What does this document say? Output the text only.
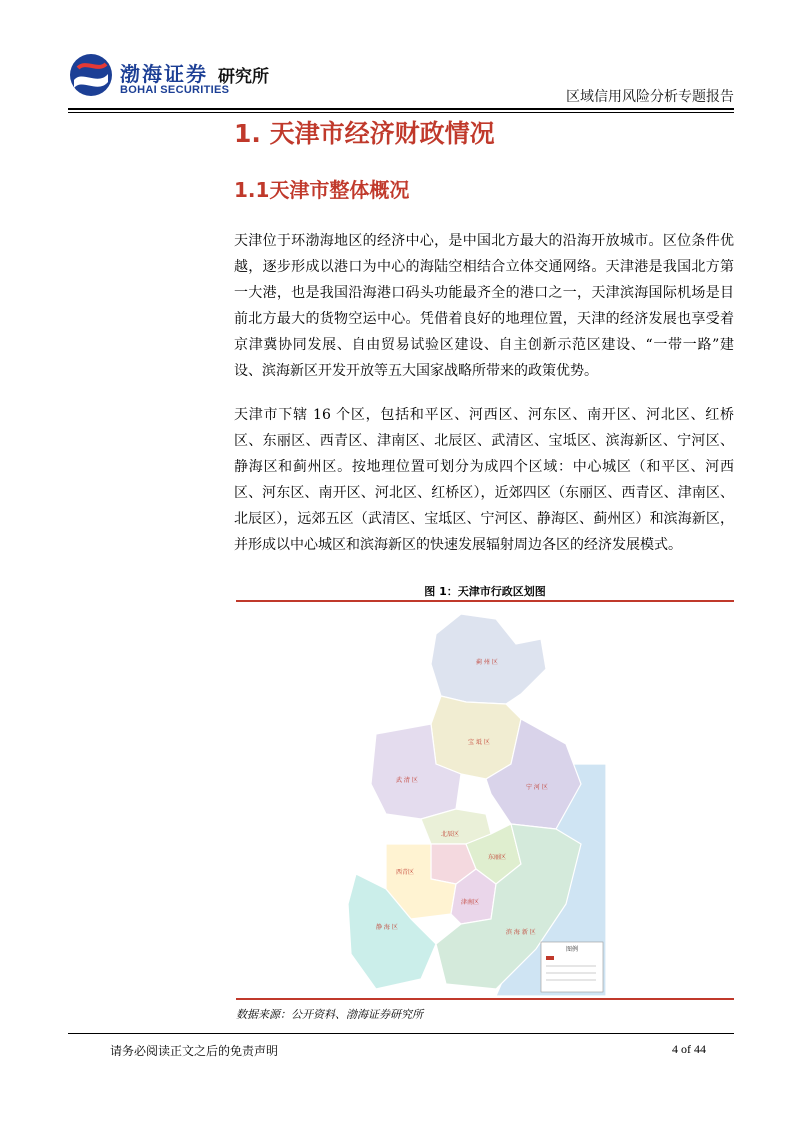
渤海证券
BOHAI SECURITIES
研究所
区域信用风险分析专题报告
1. 天津市经济财政情况
1.1天津市整体概况
天津位于环渤海地区的经济中心，是中国北方最大的沿海开放城市。区位条件优越，逐步形成以港口为中心的海陆空相结合立体交通网络。天津港是我国北方第一大港，也是我国沿海港口码头功能最齐全的港口之一，天津滨海国际机场是目前北方最大的货物空运中心。凭借着良好的地理位置，天津的经济发展也享受着京津冀协同发展、自由贸易试验区建设、自主创新示范区建设、“一带一路”建设、滨海新区开发开放等五大国家战略所带来的政策优势。
天津市下辖 16 个区，包括和平区、河西区、河东区、南开区、河北区、红桥区、东丽区、西青区、津南区、北辰区、武清区、宝坻区、滨海新区、宁河区、静海区和蓟州区。按地理位置可划分为成四个区域：中心城区（和平区、河西区、河东区、南开区、河北区、红桥区），近郊四区（东丽区、西青区、津南区、北辰区），远郊五区（武清区、宝坻区、宁河区、静海区、蓟州区）和滨海新区，并形成以中心城区和滨海新区的快速发展辐射周边各区的经济发展模式。
图 1：天津市行政区划图
蓟 州 区
宝 坻 区
武 清 区
宁 河 区
北辰区
东丽区
西青区
津南区
静 海 区
滨 海 新 区
图例
数据来源：公开资料、渤海证券研究所
请务必阅读正文之后的免责声明	4 of 44
